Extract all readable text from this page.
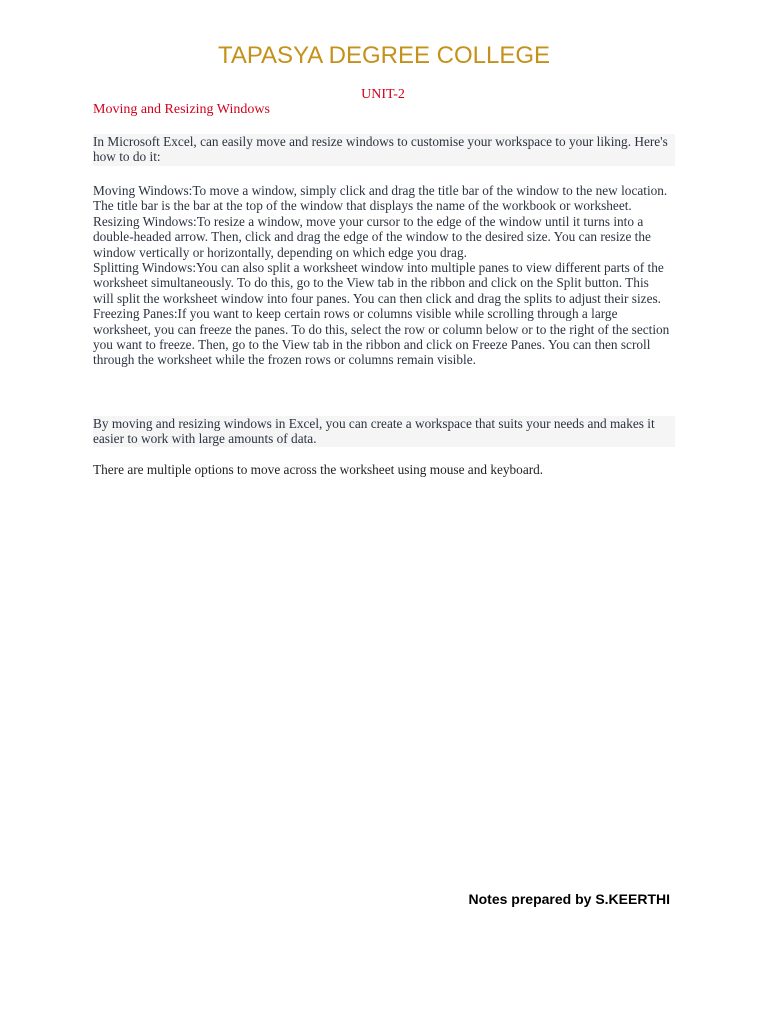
TAPASYA DEGREE COLLEGE
UNIT-2
Moving and Resizing Windows
In Microsoft Excel, can easily move and resize windows to customise your workspace to your liking. Here's how to do it:
Moving Windows:To move a window, simply click and drag the title bar of the window to the new location. The title bar is the bar at the top of the window that displays the name of the workbook or worksheet.
Resizing Windows:To resize a window, move your cursor to the edge of the window until it turns into a double-headed arrow. Then, click and drag the edge of the window to the desired size. You can resize the window vertically or horizontally, depending on which edge you drag.
Splitting Windows:You can also split a worksheet window into multiple panes to view different parts of the worksheet simultaneously. To do this, go to the View tab in the ribbon and click on the Split button. This will split the worksheet window into four panes. You can then click and drag the splits to adjust their sizes.
Freezing Panes:If you want to keep certain rows or columns visible while scrolling through a large worksheet, you can freeze the panes. To do this, select the row or column below or to the right of the section you want to freeze. Then, go to the View tab in the ribbon and click on Freeze Panes. You can then scroll through the worksheet while the frozen rows or columns remain visible.
By moving and resizing windows in Excel, you can create a workspace that suits your needs and makes it easier to work with large amounts of data.
There are multiple options to move across the worksheet using mouse and keyboard.
Notes prepared by S.KEERTHI
